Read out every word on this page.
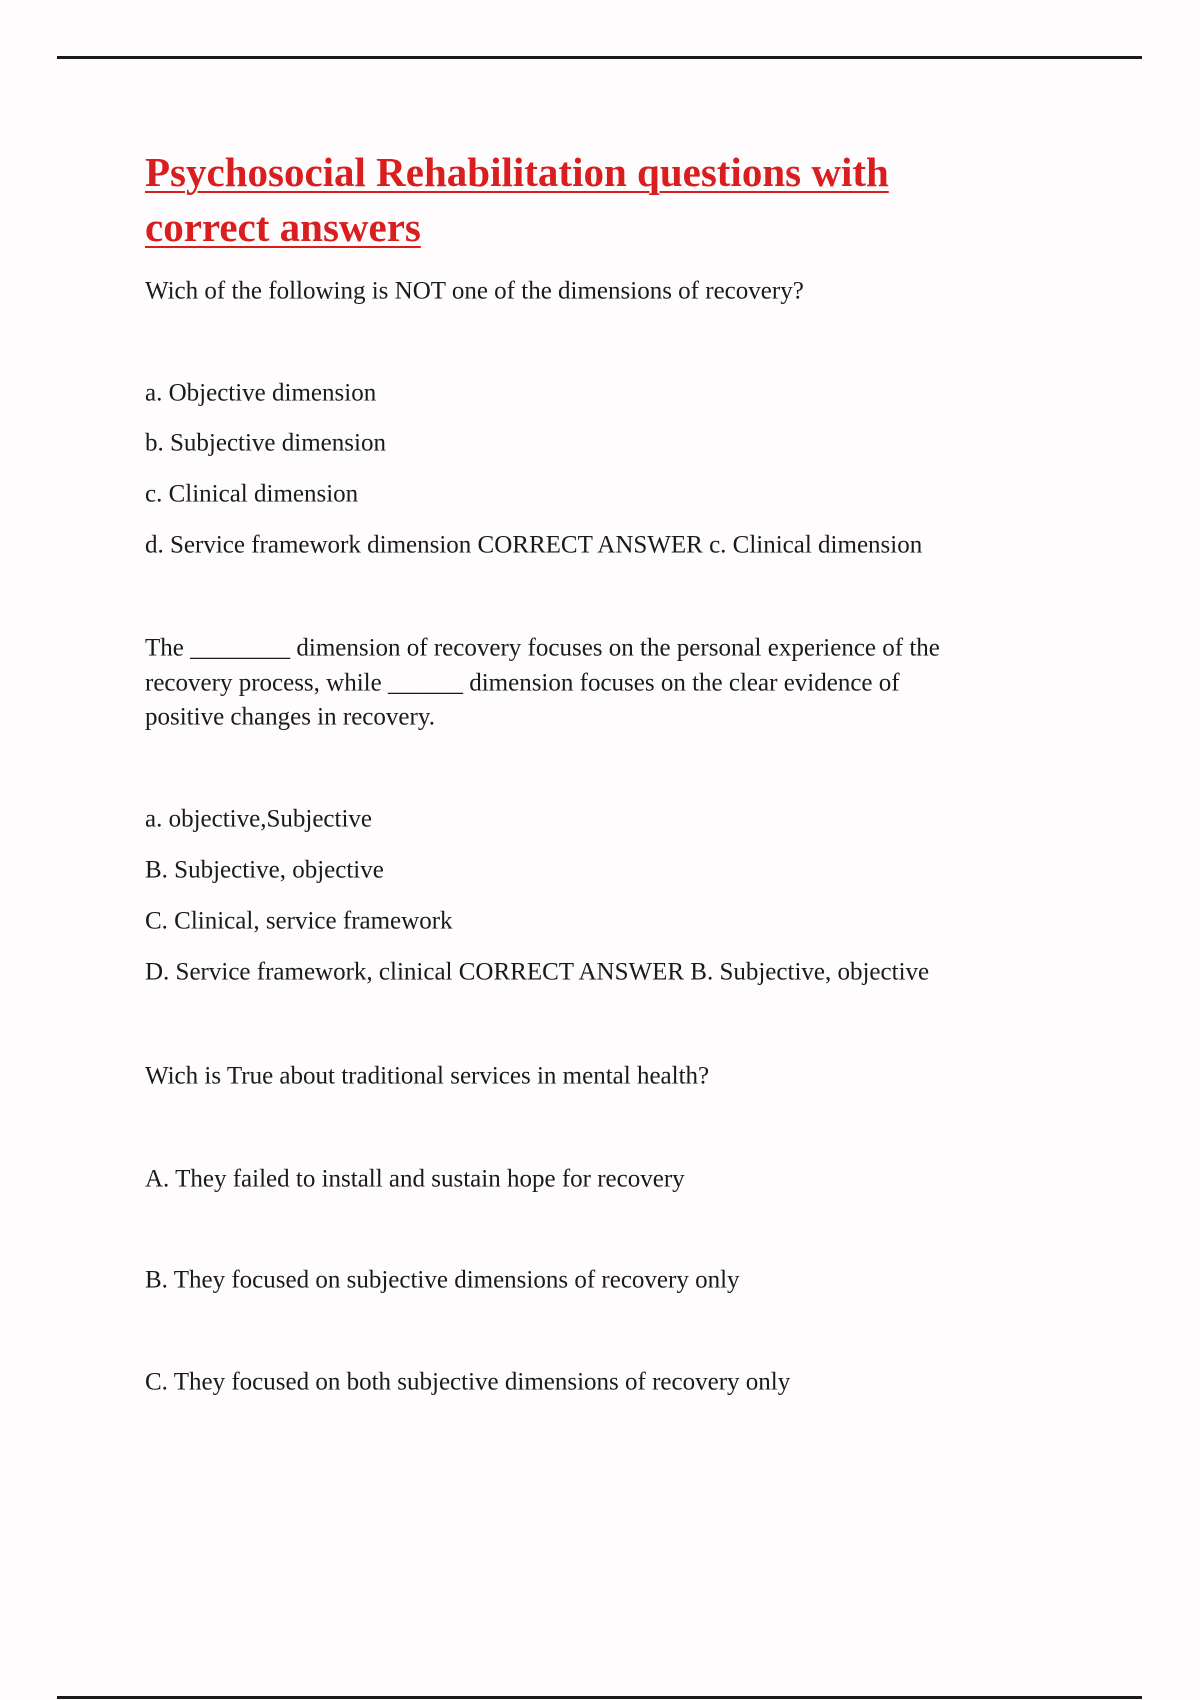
Psychosocial Rehabilitation questions with
correct answers
Wich of the following is NOT one of the dimensions of recovery?
a. Objective dimension
b. Subjective dimension
c. Clinical dimension
d. Service framework dimension CORRECT ANSWER c. Clinical dimension
The ________ dimension of recovery focuses on the personal experience of the
recovery process, while ______ dimension focuses on the clear evidence of
positive changes in recovery.
a. objective,Subjective
B. Subjective, objective
C. Clinical, service framework
D. Service framework, clinical CORRECT ANSWER B. Subjective, objective
Wich is True about traditional services in mental health?
A. They failed to install and sustain hope for recovery
B. They focused on subjective dimensions of recovery only
C. They focused on both subjective dimensions of recovery only
